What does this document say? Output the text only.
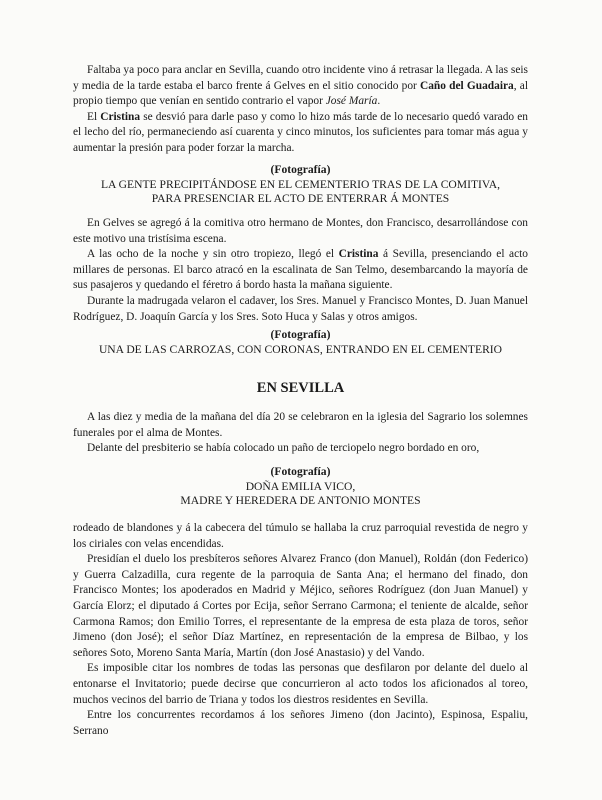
Faltaba ya poco para anclar en Sevilla, cuando otro incidente vino á retrasar la llegada. A las seis y media de la tarde estaba el barco frente á Gelves en el sitio conocido por Caño del Guadaira, al propio tiempo que venían en sentido contrario el vapor José María.

El Cristina se desvió para darle paso y como lo hizo más tarde de lo necesario quedó varado en el lecho del río, permaneciendo así cuarenta y cinco minutos, los suficientes para tomar más agua y aumentar la presión para poder forzar la marcha.

(Fotografía)
LA GENTE PRECIPITÁNDOSE EN EL CEMENTERIO TRAS DE LA COMITIVA,
PARA PRESENCIAR EL ACTO DE ENTERRAR Á MONTES

En Gelves se agregó á la comitiva otro hermano de Montes, don Francisco, desarrollándose con este motivo una tristísima escena.

A las ocho de la noche y sin otro tropiezo, llegó el Cristina á Sevilla, presenciando el acto millares de personas. El barco atracó en la escalinata de San Telmo, desembarcando la mayoría de sus pasajeros y quedando el féretro á bordo hasta la mañana siguiente.

Durante la madrugada velaron el cadaver, los Sres. Manuel y Francisco Montes, D. Juan Manuel Rodríguez, D. Joaquín García y los Sres. Soto Huca y Salas y otros amigos.

(Fotografía)
UNA DE LAS CARROZAS, CON CORONAS, ENTRANDO EN EL CEMENTERIO
EN SEVILLA

A las diez y media de la mañana del día 20 se celebraron en la iglesia del Sagrario los solemnes funerales por el alma de Montes.

Delante del presbiterio se había colocado un paño de terciopelo negro bordado en oro,

(Fotografía)
DOÑA EMILIA VICO,
MADRE Y HEREDERA DE ANTONIO MONTES

rodeado de blandones y á la cabecera del túmulo se hallaba la cruz parroquial revestida de negro y los ciriales con velas encendidas.

Presidían el duelo los presbíteros señores Alvarez Franco (don Manuel), Roldán (don Federico) y Guerra Calzadilla, cura regente de la parroquia de Santa Ana; el hermano del finado, don Francisco Montes; los apoderados en Madrid y Méjico, señores Rodríguez (don Juan Manuel) y García Elorz; el diputado á Cortes por Ecija, señor Serrano Carmona; el teniente de alcalde, señor Carmona Ramos; don Emilio Torres, el representante de la empresa de esta plaza de toros, señor Jimeno (don José); el señor Díaz Martínez, en representación de la empresa de Bilbao, y los señores Soto, Moreno Santa María, Martín (don José Anastasio) y del Vando.

Es imposible citar los nombres de todas las personas que desfilaron por delante del duelo al entonarse el Invitatorio; puede decirse que concurrieron al acto todos los aficionados al toreo, muchos vecinos del barrio de Triana y todos los diestros residentes en Sevilla.

Entre los concurrentes recordamos á los señores Jimeno (don Jacinto), Espinosa, Espaliu, Serrano
